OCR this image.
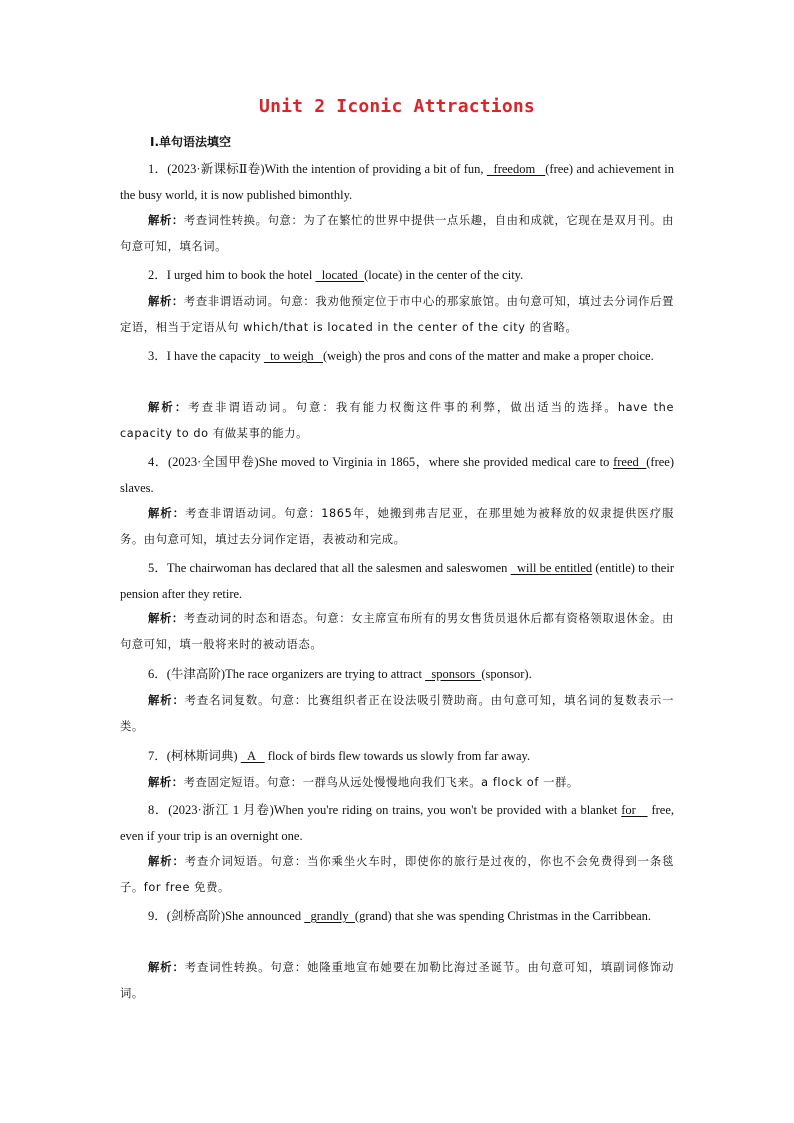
Unit 2 Iconic Attractions
Ⅰ.单句语法填空
1．(2023·新课标Ⅱ卷)With the intention of providing a bit of fun,   freedom   (free) and achievement in the busy world, it is now published bimonthly.
解析：考查词性转换。句意：为了在繁忙的世界中提供一点乐趣，自由和成就，它现在是双月刊。由句意可知，填名词。
2．I urged him to book the hotel   located  (locate) in the center of the city.
解析：考查非谓语动词。句意：我劝他预定位于市中心的那家旅馆。由句意可知，填过去分词作后置定语，相当于定语从句 which/that is located in the center of the city 的省略。
3．I have the capacity   to weigh   (weigh) the pros and cons of the matter and make a proper choice.
解析：考查非谓语动词。句意：我有能力权衡这件事的利弊，做出适当的选择。have the capacity to do 有做某事的能力。
4．(2023·全国甲卷)She moved to Virginia in 1865，where she provided medical care to freed  (free) slaves.
解析：考查非谓语动词。句意：1865年，她搬到弗吉尼亚，在那里她为被释放的奴隶提供医疗服务。由句意可知，填过去分词作定语，表被动和完成。
5．The chairwoman has declared that all the salesmen and saleswomen   will be entitled (entitle) to their pension after they retire.
解析：考查动词的时态和语态。句意：女主席宣布所有的男女售货员退休后都有资格领取退休金。由句意可知，填一般将来时的被动语态。
6．(牛津高阶)The race organizers are trying to attract   sponsors  (sponsor).
解析：考查名词复数。句意：比赛组织者正在设法吸引赞助商。由句意可知，填名词的复数表示一类。
7．(柯林斯词典)   A    flock of birds flew towards us slowly from far away.
解析：考查固定短语。句意：一群鸟从远处慢慢地向我们飞来。a flock of 一群。
8．(2023·浙江 1 月卷)When you're riding on trains, you won't be provided with a blanket for    free, even if your trip is an overnight one.
解析：考查介词短语。句意：当你乘坐火车时，即使你的旅行是过夜的，你也不会免费得到一条毯子。for free 免费。
9．(剑桥高阶)She announced   grandly  (grand) that she was spending Christmas in the Carribbean.
解析：考查词性转换。句意：她隆重地宣布她要在加勒比海过圣诞节。由句意可知，填副词修饰动词。
